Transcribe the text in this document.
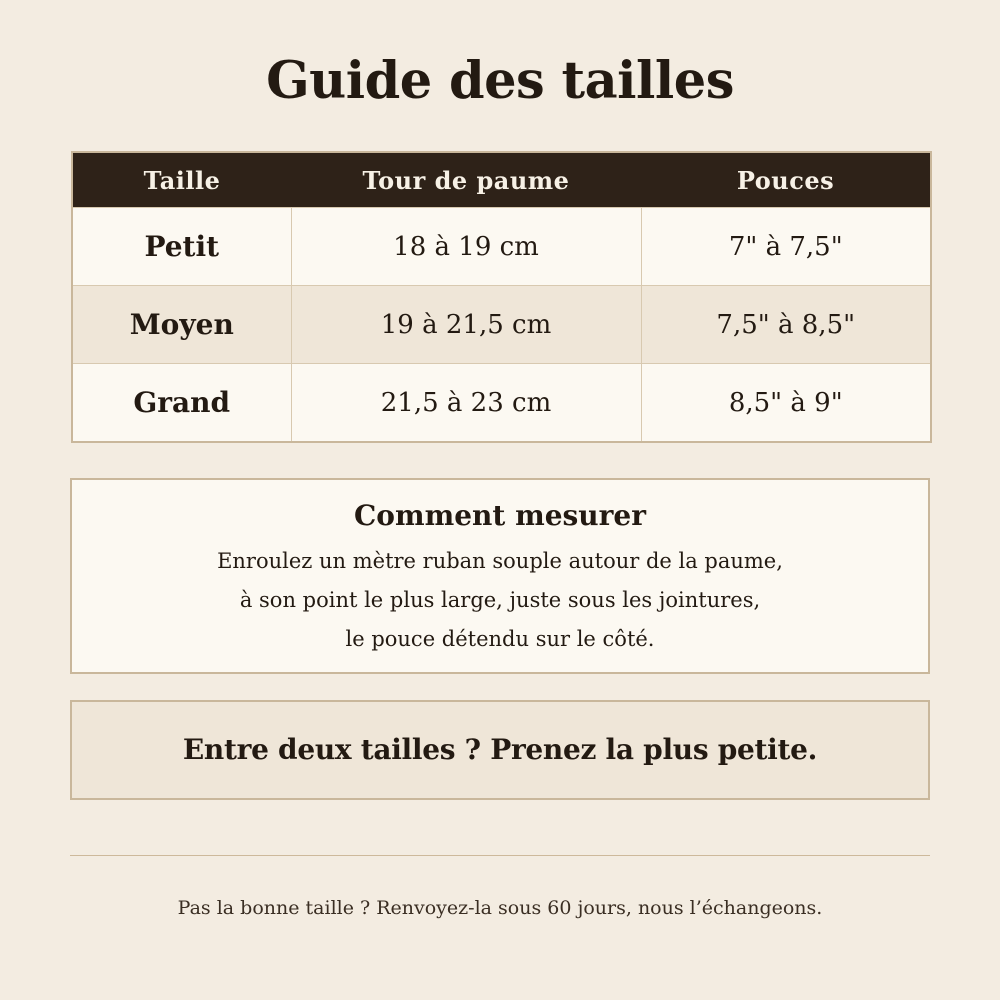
Guide des tailles
Taille	Tour de paume	Pouces
Petit	18 à 19 cm	7" à 7,5"
Moyen	19 à 21,5 cm	7,5" à 8,5"
Grand	21,5 à 23 cm	8,5" à 9"
Comment mesurer
Enroulez un mètre ruban souple autour de la paume,
à son point le plus large, juste sous les jointures,
le pouce détendu sur le côté.
Entre deux tailles ? Prenez la plus petite.

Pas la bonne taille ? Renvoyez-la sous 60 jours, nous l’échangeons.
